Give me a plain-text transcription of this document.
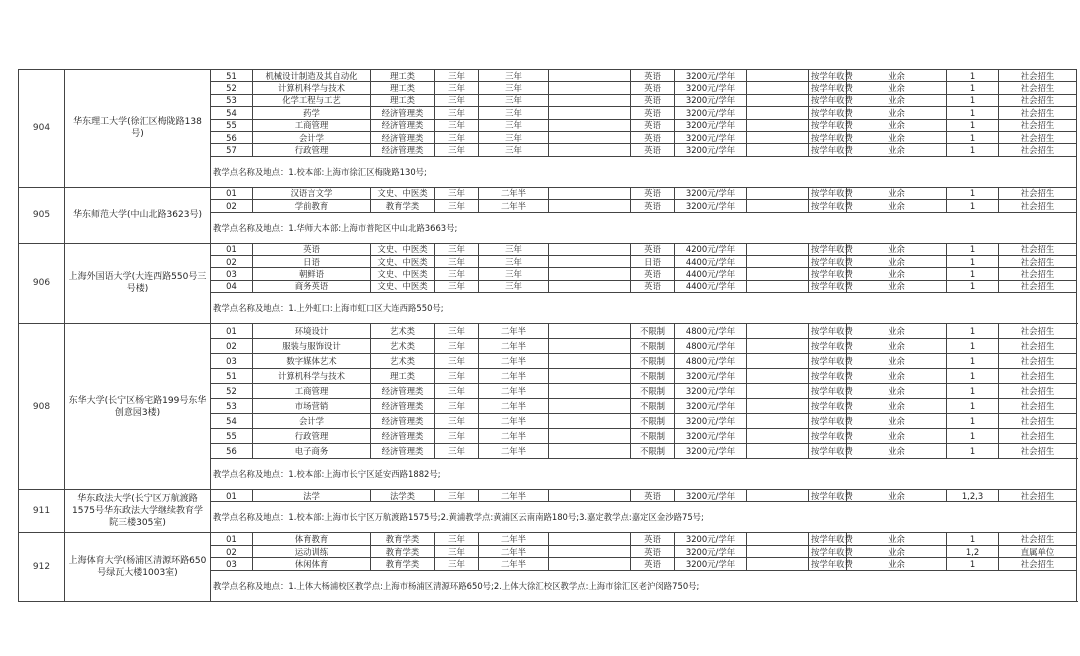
904	华东理工大学(徐汇区梅陇路138号)	51	机械设计制造及其自动化	理工类	三年	三年		英语	3200元/学年		按学年收费	业余	1	社会招生		
		52	计算机科学与技术	理工类	三年	三年		英语	3200元/学年		按学年收费	业余	1	社会招生		
		53	化学工程与工艺	理工类	三年	三年		英语	3200元/学年		按学年收费	业余	1	社会招生		
		54	药学	经济管理类	三年	三年		英语	3200元/学年		按学年收费	业余	1	社会招生		
		55	工商管理	经济管理类	三年	三年		英语	3200元/学年		按学年收费	业余	1	社会招生		
		56	会计学	经济管理类	三年	三年		英语	3200元/学年		按学年收费	业余	1	社会招生		
		57	行政管理	经济管理类	三年	三年		英语	3200元/学年		按学年收费	业余	1	社会招生		
		教学点名称及地点：1.校本部:上海市徐汇区梅陇路130号;													
905	华东师范大学(中山北路3623号)	01	汉语言文学	文史、中医类	三年	二年半		英语	3200元/学年		按学年收费	业余	1	社会招生		
		02	学前教育	教育学类	三年	二年半		英语	3200元/学年		按学年收费	业余	1	社会招生		
		教学点名称及地点：1.华师大本部:上海市普陀区中山北路3663号;													
906	上海外国语大学(大连西路550号三号楼)	01	英语	文史、中医类	三年	三年		英语	4200元/学年		按学年收费	业余	1	社会招生		
		02	日语	文史、中医类	三年	三年		日语	4400元/学年		按学年收费	业余	1	社会招生		
		03	朝鲜语	文史、中医类	三年	三年		英语	4400元/学年		按学年收费	业余	1	社会招生		
		04	商务英语	文史、中医类	三年	三年		英语	4400元/学年		按学年收费	业余	1	社会招生		
		教学点名称及地点：1.上外虹口:上海市虹口区大连西路550号;													
908	东华大学(长宁区杨宅路199号东华创意园3楼)	01	环境设计	艺术类	三年	二年半		不限制	4800元/学年		按学年收费	业余	1	社会招生	
		02	服装与服饰设计	艺术类	三年	二年半		不限制	4800元/学年		按学年收费	业余	1	社会招生	
		03	数字媒体艺术	艺术类	三年	二年半		不限制	4800元/学年		按学年收费	业余	1	社会招生	
		51	计算机科学与技术	理工类	三年	二年半		不限制	3200元/学年		按学年收费	业余	1	社会招生	
		52	工商管理	经济管理类	三年	二年半		不限制	3200元/学年		按学年收费	业余	1	社会招生	
		53	市场营销	经济管理类	三年	二年半		不限制	3200元/学年		按学年收费	业余	1	社会招生	
		54	会计学	经济管理类	三年	二年半		不限制	3200元/学年		按学年收费	业余	1	社会招生	
		55	行政管理	经济管理类	三年	二年半		不限制	3200元/学年		按学年收费	业余	1	社会招生	
		56	电子商务	经济管理类	三年	二年半		不限制	3200元/学年		按学年收费	业余	1	社会招生	
		教学点名称及地点：1.校本部:上海市长宁区延安西路1882号;													
911	华东政法大学(长宁区万航渡路1575号华东政法大学继续教育学院三楼305室)	01	法学	法学类	三年	二年半		英语	3200元/学年		按学年收费	业余	1,2,3	社会招生		
		教学点名称及地点：1.校本部:上海市长宁区万航渡路1575号;2.黄浦教学点:黄浦区云南南路180号;3.嘉定教学点:嘉定区金沙路75号;													
912	上海体育大学(杨浦区清源环路650号绿瓦大楼1003室)	01	体育教育	教育学类	三年	二年半		英语	3200元/学年		按学年收费	业余	1	社会招生		
		02	运动训练	教育学类	三年	二年半		英语	3200元/学年		按学年收费	业余	1,2	直属单位		
		03	休闲体育	教育学类	三年	二年半		英语	3200元/学年		按学年收费	业余	1	社会招生		
		教学点名称及地点：1.上体大杨浦校区教学点:上海市杨浦区清源环路650号;2.上体大徐汇校区教学点:上海市徐汇区老沪闵路750号;													
